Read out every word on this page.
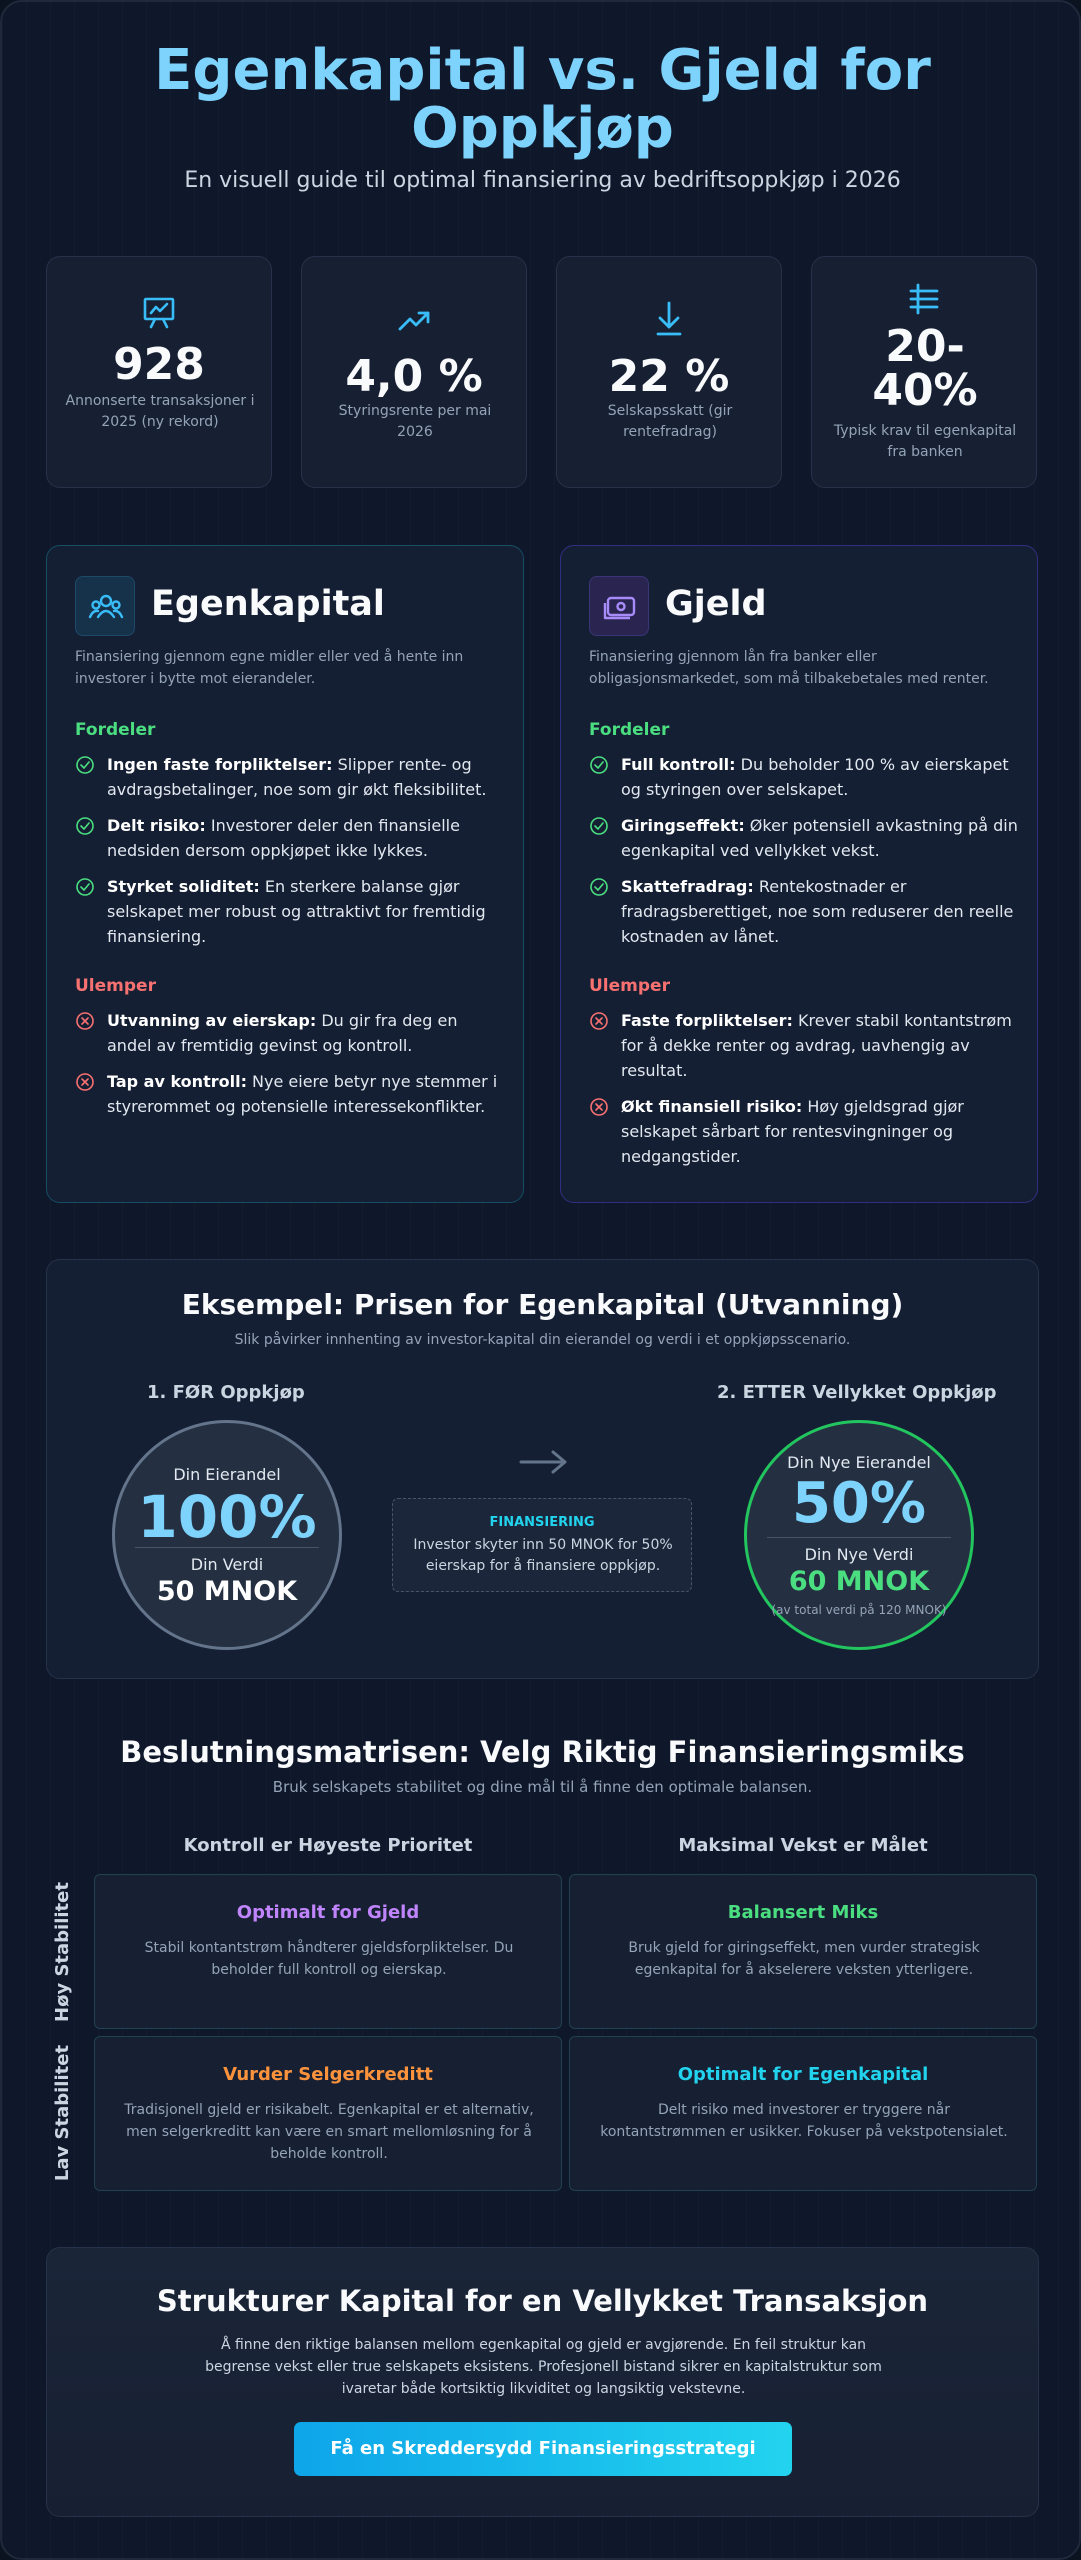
Egenkapital vs. Gjeld for Oppkjøp
En visuell guide til optimal finansiering av bedriftsoppkjøp i 2026
928
Annonserte transaksjoner i 2025 (ny rekord)
4,0 %
Styringsrente per mai 2026
22 %
Selskapsskatt (gir rentefradrag)
20-40%
Typisk krav til egenkapital fra banken
Egenkapital
Finansiering gjennom egne midler eller ved å hente inn investorer i bytte mot eierandeler.
Fordeler
Ingen faste forpliktelser: Slipper rente- og avdragsbetalinger, noe som gir økt fleksibilitet.
Delt risiko: Investorer deler den finansielle nedsiden dersom oppkjøpet ikke lykkes.
Styrket soliditet: En sterkere balanse gjør selskapet mer robust og attraktivt for fremtidig finansiering.
Ulemper
Utvanning av eierskap: Du gir fra deg en andel av fremtidig gevinst og kontroll.
Tap av kontroll: Nye eiere betyr nye stemmer i styrerommet og potensielle interessekonflikter.
Gjeld
Finansiering gjennom lån fra banker eller obligasjonsmarkedet, som må tilbakebetales med renter.
Fordeler
Full kontroll: Du beholder 100 % av eierskapet og styringen over selskapet.
Giringseffekt: Øker potensiell avkastning på din egenkapital ved vellykket vekst.
Skattefradrag: Rentekostnader er fradragsberettiget, noe som reduserer den reelle kostnaden av lånet.
Ulemper
Faste forpliktelser: Krever stabil kontantstrøm for å dekke renter og avdrag, uavhengig av resultat.
Økt finansiell risiko: Høy gjeldsgrad gjør selskapet sårbart for rentesvingninger og nedgangstider.
Eksempel: Prisen for Egenkapital (Utvanning)
Slik påvirker innhenting av investor-kapital din eierandel og verdi i et oppkjøpsscenario.
1. FØR Oppkjøp	2. ETTER Vellykket Oppkjøp
Din Eierandel
100%
Din Verdi
50 MNOK
FINANSIERING
Investor skyter inn 50 MNOK for 50% eierskap for å finansiere oppkjøp.
Din Nye Eierandel
50%
Din Nye Verdi
60 MNOK
(av total verdi på 120 MNOK)
Beslutningsmatrisen: Velg Riktig Finansieringsmiks
Bruk selskapets stabilitet og dine mål til å finne den optimale balansen.
Kontroll er Høyeste Prioritet	Maksimal Vekst er Målet
Høy Stabilitet
Lav Stabilitet
Optimalt for Gjeld
Stabil kontantstrøm håndterer gjeldsforpliktelser. Du beholder full kontroll og eierskap.
Balansert Miks
Bruk gjeld for giringseffekt, men vurder strategisk egenkapital for å akselerere veksten ytterligere.
Vurder Selgerkreditt
Tradisjonell gjeld er risikabelt. Egenkapital er et alternativ, men selgerkreditt kan være en smart mellomløsning for å beholde kontroll.
Optimalt for Egenkapital
Delt risiko med investorer er tryggere når kontantstrømmen er usikker. Fokuser på vekstpotensialet.
Strukturer Kapital for en Vellykket Transaksjon
Å finne den riktige balansen mellom egenkapital og gjeld er avgjørende. En feil struktur kan begrense vekst eller true selskapets eksistens. Profesjonell bistand sikrer en kapitalstruktur som ivaretar både kortsiktig likviditet og langsiktig vekstevne.
Få en Skreddersydd Finansieringsstrategi
